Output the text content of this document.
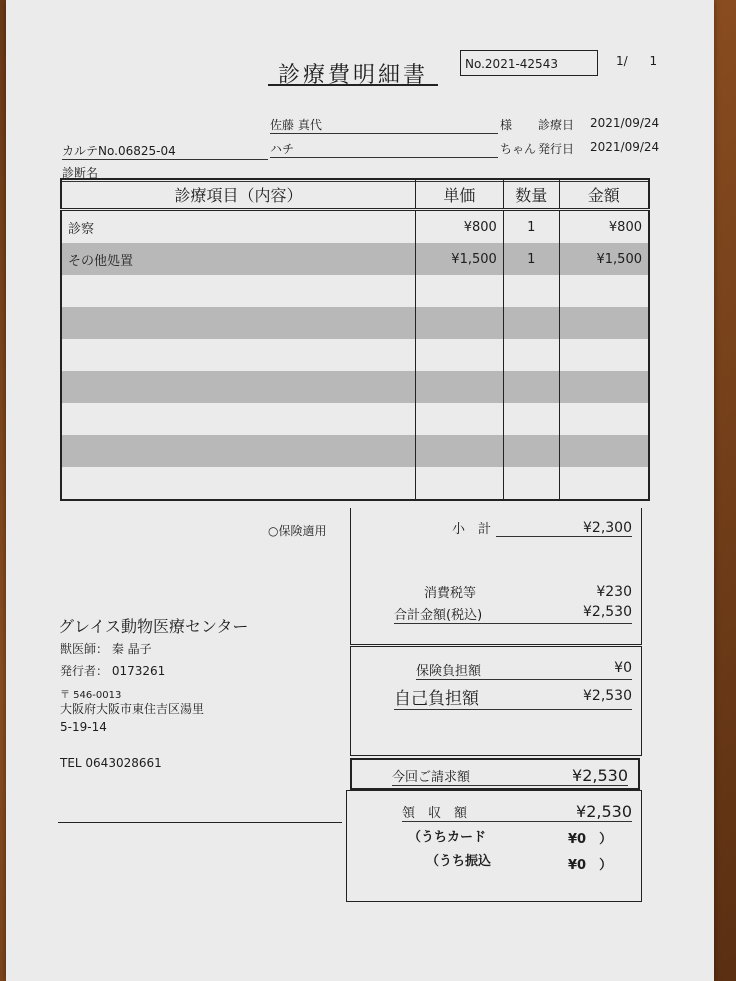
診療費明細書	No.2021-42543	1/ 1
佐藤 真代	様 診療日 2021/09/24
カルテNo.06825-04	ハチ	ちゃん 発行日 2021/09/24
診断名
診療項目（内容）	単価	数量	金額
診察	¥800	1	¥800
その他処置	¥1,500	1	¥1,500

○保険適用
グレイス動物医療センター
獣医師： 秦 晶子
発行者： 0173261
〒 546-0013
大阪府大阪市東住吉区湯里
5-19-14
TEL 0643028661
小　計	¥2,300
消費税等	¥230
合計金額(税込)	¥2,530
保険負担額	¥0
自己負担額	¥2,530
今回ご請求額	¥2,530
領　収　額	¥2,530
（うちカード	¥0　）
（うち振込	¥0　）
